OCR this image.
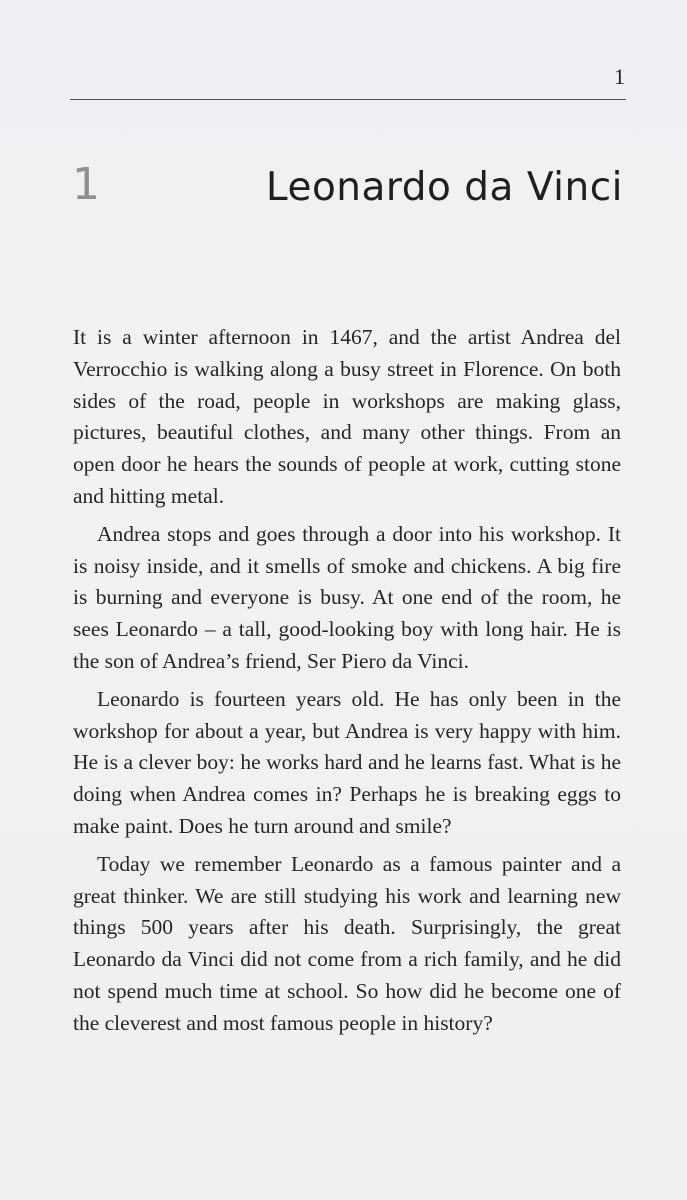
1
1	Leonardo da Vinci

It is a winter afternoon in 1467, and the artist Andrea del Verrocchio is walking along a busy street in Florence. On both sides of the road, people in workshops are making glass, pictures, beautiful clothes, and many other things. From an open door he hears the sounds of people at work, cutting stone and hitting metal.

Andrea stops and goes through a door into his workshop. It is noisy inside, and it smells of smoke and chickens. A big fire is burning and everyone is busy. At one end of the room, he sees Leonardo – a tall, good-looking boy with long hair. He is the son of Andrea’s friend, Ser Piero da Vinci.

Leonardo is fourteen years old. He has only been in the workshop for about a year, but Andrea is very happy with him. He is a clever boy: he works hard and he learns fast. What is he doing when Andrea comes in? Perhaps he is breaking eggs to make paint. Does he turn around and smile?

Today we remember Leonardo as a famous painter and a great thinker. We are still studying his work and learning new things 500 years after his death. Surprisingly, the great Leonardo da Vinci did not come from a rich family, and he did not spend much time at school. So how did he become one of the cleverest and most famous people in history?
